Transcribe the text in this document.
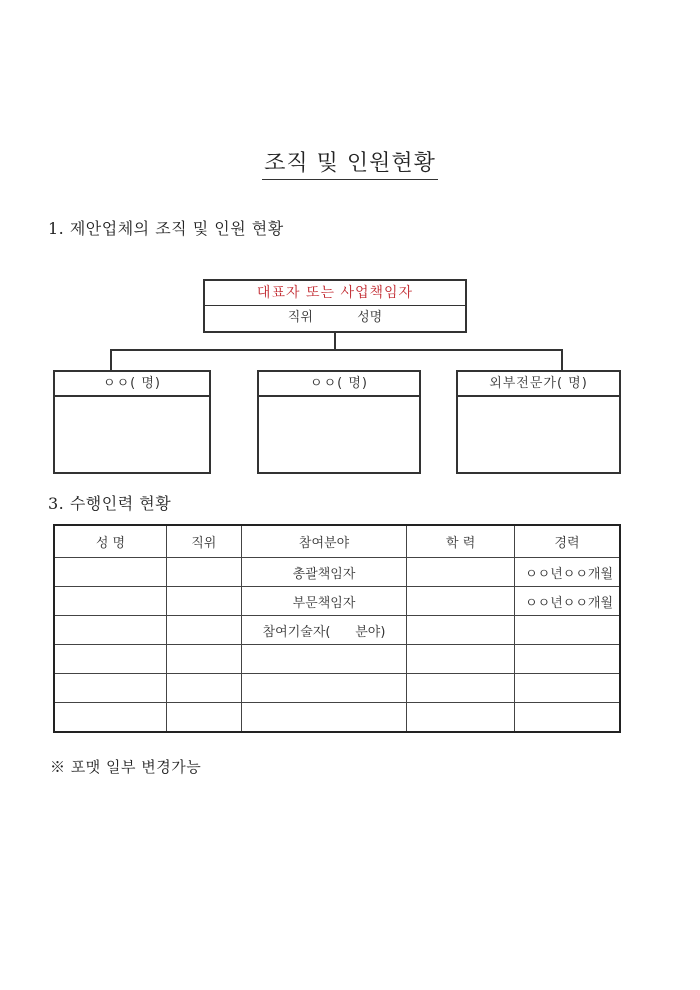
조직 및 인원현황
1. 제안업체의 조직 및 인원 현황
대표자 또는 사업책임자
직위	성명
ㅇㅇ( 명)	ㅇㅇ( 명)	외부전문가( 명)
3. 수행인력 현황
성 명	직위	참여분야	학 력	경력
		총괄책임자		ㅇㅇ년ㅇㅇ개월
		부문책임자		ㅇㅇ년ㅇㅇ개월
		참여기술자(      분야)		

※ 포맷 일부 변경가능
